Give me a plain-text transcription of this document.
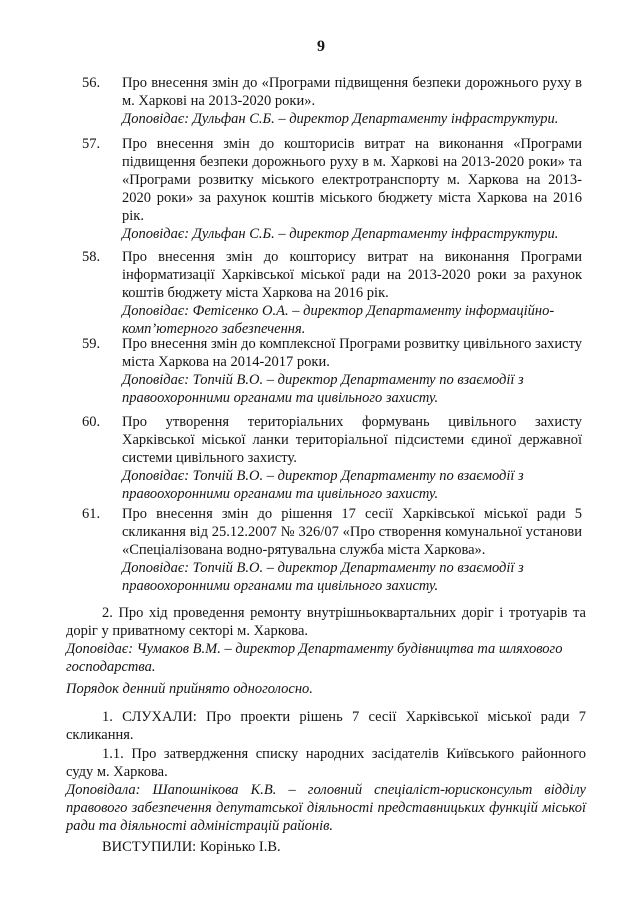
9
56.	Про внесення змін до «Програми підвищення безпеки дорожнього руху в м. Харкові на 2013-2020 роки».
Доповідає: Дульфан С.Б. – директор Департаменту інфраструктури.
57.	Про внесення змін до кошторисів витрат на виконання «Програми підвищення безпеки дорожнього руху в м. Харкові на 2013-2020 роки» та «Програми розвитку міського електротранспорту м. Харкова на 2013-2020 роки» за рахунок коштів міського бюджету міста Харкова на 2016 рік.
Доповідає: Дульфан С.Б. – директор Департаменту інфраструктури.
58.	Про внесення змін до кошторису витрат на виконання Програми інформатизації Харківської міської ради на 2013-2020 роки за рахунок коштів бюджету міста Харкова на 2016 рік.
Доповідає: Фетісенко О.А. – директор Департаменту інформаційно-комп’ютерного забезпечення.
59.	Про внесення змін до комплексної Програми розвитку цивільного захисту міста Харкова на 2014-2017 роки.
Доповідає: Топчій В.О. – директор Департаменту по взаємодії з правоохоронними органами та цивільного захисту.
60.	Про утворення територіальних формувань цивільного захисту Харківської міської ланки територіальної підсистеми єдиної державної системи цивільного захисту.
Доповідає: Топчій В.О. – директор Департаменту по взаємодії з правоохоронними органами та цивільного захисту.
61.	Про внесення змін до рішення 17 сесії Харківської міської ради 5 скликання від 25.12.2007 № 326/07 «Про створення комунальної установи «Спеціалізована водно-рятувальна служба міста Харкова».
Доповідає: Топчій В.О. – директор Департаменту по взаємодії з правоохоронними органами та цивільного захисту.
2. Про хід проведення ремонту внутрішньоквартальних доріг і тротуарів та доріг у приватному секторі м. Харкова.
Доповідає: Чумаков В.М. – директор Департаменту будівництва та шляхового господарства.
Порядок денний прийнято одноголосно.
1. СЛУХАЛИ: Про проекти рішень 7 сесії Харківської міської ради 7 скликання.
1.1. Про затвердження списку народних засідателів Київського районного суду м. Харкова.
Доповідала: Шапошнікова К.В. – головний спеціаліст-юрисконсульт відділу правового забезпечення депутатської діяльності представницьких функцій міської ради та діяльності адміністрацій районів.
ВИСТУПИЛИ: Корінько І.В.
